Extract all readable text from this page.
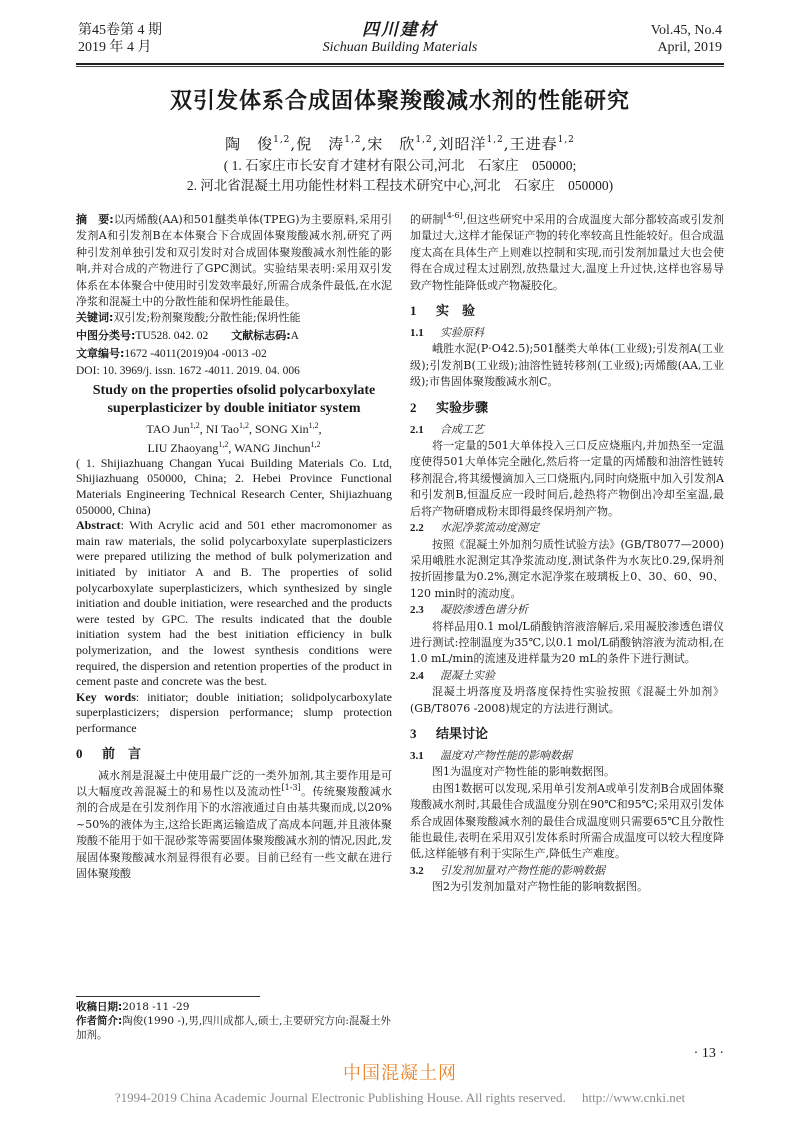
第45卷第 4 期
2019 年 4 月
四川建材
Sichuan Building Materials
Vol.45, No.4
April, 2019
双引发体系合成固体聚羧酸减水剂的性能研究
陶　俊$^{1,2}$,倪　涛$^{1,2}$,宋　欣$^{1,2}$,刘昭洋$^{1,2}$,王进春$^{1,2}$
( 1. 石家庄市长安育才建材有限公司,河北　石家庄　050000;
2. 河北省混凝土用功能性材料工程技术研究中心,河北　石家庄　050000)

摘　要:以丙烯酸(AA)和501醚类单体(TPEG)为主要原料,采用引发剂A和引发剂B在本体聚合下合成固体聚羧酸减水剂,研究了两种引发剂单独引发和双引发时对合成固体聚羧酸减水剂性能的影响,并对合成的产物进行了GPC测试。实验结果表明:采用双引发体系在本体聚合中使用时引发效率最好,所需合成条件最低,在水泥净浆和混凝土中的分散性能和保坍性能最佳。

关键词:双引发;粉剂聚羧酸;分散性能;保坍性能

中图分类号:TU528. 042. 02   文献标志码:A
文章编号:1672 -4011(2019)04 -0013 -02
DOI: 10. 3969/j. issn. 1672 -4011. 2019. 04. 006
Study on the properties ofsolid polycarboxylate
superplasticizer by double initiator system
TAO Jun$^{1,2}$, NI Tao$^{1,2}$, SONG Xin$^{1,2}$,
LIU Zhaoyang$^{1,2}$, WANG Jinchun$^{1,2}$

( 1. Shijiazhuang Changan Yucai Building Materials Co. Ltd, Shijiazhuang 050000, China; 2. Hebei Province Functional Materials Engineering Technical Research Center, Shijiazhuang 050000, China)

Abstract: With Acrylic acid and 501 ether macromonomer as main raw materials, the solid polycarboxylate superplasticizers were prepared utilizing the method of bulk polymerization and initiated by initiator A and B. The properties of solid polycarboxylate superplasticizers, which synthesized by single initiation and double initiation, were researched and the products were tested by GPC. The results indicated that the double initiation system had the best initiation efficiency in bulk polymerization, and the lowest synthesis conditions were required, the dispersion and retention properties of the product in cement paste and concrete was the best.

Key words: initiator; double initiation; solidpolycarboxylate superplasticizers; dispersion performance; slump protection performance

0 前　言

减水剂是混凝土中使用最广泛的一类外加剂,其主要作用是可以大幅度改善混凝土的和易性以及流动性[1-3]。传统聚羧酸减水剂的合成是在引发剂作用下的水溶液通过自由基共聚而成,以20% ~50%的液体为主,这给长距离运输造成了高成本问题,并且液体聚羧酸不能用于如干混砂浆等需要固体聚羧酸减水剂的情况,因此,发展固体聚羧酸减水剂显得很有必要。目前已经有一些文献在进行固体聚羧酸

收稿日期:2018 -11 -29
作者简介:陶俊(1990 -),男,四川成都人,硕士,主要研究方向:混凝土外加剂。

的研制[4-6],但这些研究中采用的合成温度大部分都较高或引发剂加量过大,这样才能保证产物的转化率较高且性能较好。但合成温度太高在具体生产上则难以控制和实现,而引发剂加量过大也会使得在合成过程太过剧烈,放热量过大,温度上升过快,这样也容易导致产物性能降低或产物凝胶化。

1 实　验
1.1 实验原料

峨胜水泥(P·O42.5);501醚类大单体(工业级);引发剂A(工业级);引发剂B(工业级);油溶性链转移剂(工业级);丙烯酸(AA,工业级);市售固体聚羧酸减水剂C。

2 实验步骤
2.1 合成工艺

将一定量的501大单体投入三口反应烧瓶内,并加热至一定温度使得501大单体完全融化,然后将一定量的丙烯酸和油溶性链转移剂混合,将其缓慢滴加入三口烧瓶内,同时向烧瓶中加入引发剂A和引发剂B,恒温反应一段时间后,趁热将产物倒出冷却至室温,最后将产物研磨成粉末即得最终保坍剂产物。

2.2 水泥净浆流动度测定

按照《混凝土外加剂匀质性试验方法》(GB/T8077—2000)采用峨胜水泥测定其净浆流动度,测试条件为水灰比0.29,保坍剂按折固掺量为0.2%,测定水泥净浆在玻璃板上0、30、60、90、120 min时的流动度。

2.3 凝胶渗透色谱分析

将样品用0.1 mol/L硝酸钠溶液溶解后,采用凝胶渗透色谱仪进行测试:控制温度为35℃,以0.1 mol/L硝酸钠溶液为流动相,在1.0 mL/min的流速及进样量为20 mL的条件下进行测试。

2.4 混凝土实验

混凝土坍落度及坍落度保持性实验按照《混凝土外加剂》(GB/T8076 -2008)规定的方法进行测试。

3 结果讨论
3.1 温度对产物性能的影响数据

图1为温度对产物性能的影响数据图。

由图1数据可以发现,采用单引发剂A或单引发剂B合成固体聚羧酸减水剂时,其最佳合成温度分别在90℃和95℃;采用双引发体系合成固体聚羧酸减水剂的最佳合成温度则只需要65℃且分散性能也最佳,表明在采用双引发体系时所需合成温度可以较大程度降低,这样能够有利于实际生产,降低生产难度。

3.2 引发剂加量对产物性能的影响数据

图2为引发剂加量对产物性能的影响数据图。

· 13 ·
中国混凝土网
?1994-2019 China Academic Journal Electronic Publishing House. All rights reserved.　 http://www.cnki.net
